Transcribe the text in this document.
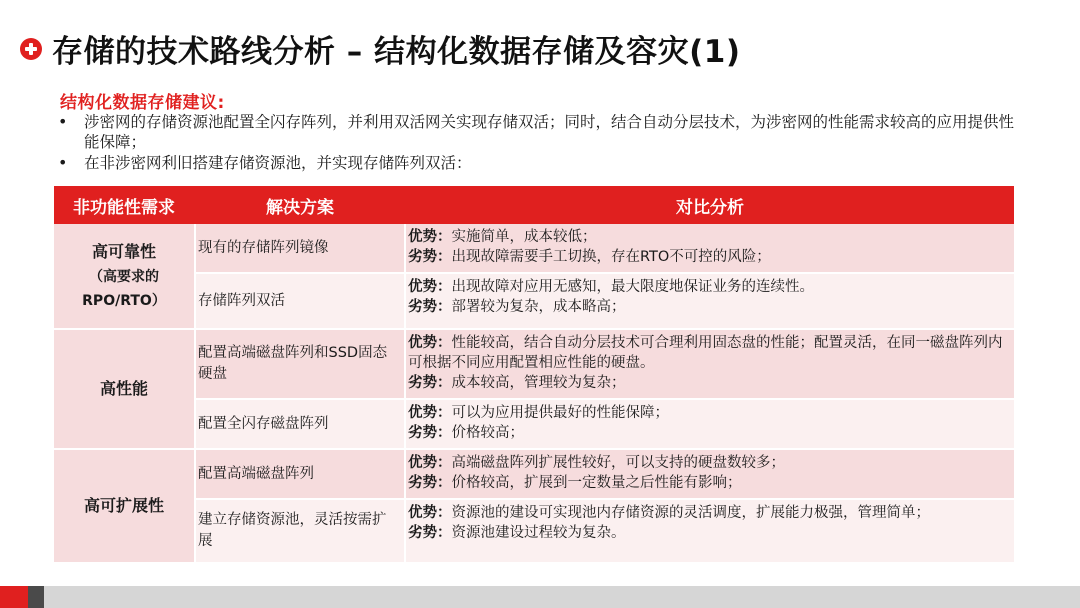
存储的技术路线分析 – 结构化数据存储及容灾(1)
结构化数据存储建议:
• 涉密网的存储资源池配置全闪存阵列，并利用双活网关实现存储双活；同时，结合自动分层技术，为涉密网的性能需求较高的应用提供性能保障；
• 在非涉密网利旧搭建存储资源池，并实现存储阵列双活：
非功能性需求	解决方案	对比分析
高可靠性
（高要求的
RPO/RTO）
现有的存储阵列镜像
优势：实施简单，成本较低；
劣势：出现故障需要手工切换，存在RTO不可控的风险；
存储阵列双活
优势：出现故障对应用无感知，最大限度地保证业务的连续性。
劣势：部署较为复杂，成本略高；
高性能
配置高端磁盘阵列和SSD固态硬盘
优势：性能较高，结合自动分层技术可合理利用固态盘的性能；配置灵活，在同一磁盘阵列内可根据不同应用配置相应性能的硬盘。
劣势：成本较高，管理较为复杂；
配置全闪存磁盘阵列
优势：可以为应用提供最好的性能保障；
劣势：价格较高；
高可扩展性
配置高端磁盘阵列
优势：高端磁盘阵列扩展性较好，可以支持的硬盘数较多；
劣势：价格较高，扩展到一定数量之后性能有影响；
建立存储资源池，灵活按需扩展
优势：资源池的建设可实现池内存储资源的灵活调度，扩展能力极强，管理简单；
劣势：资源池建设过程较为复杂。
